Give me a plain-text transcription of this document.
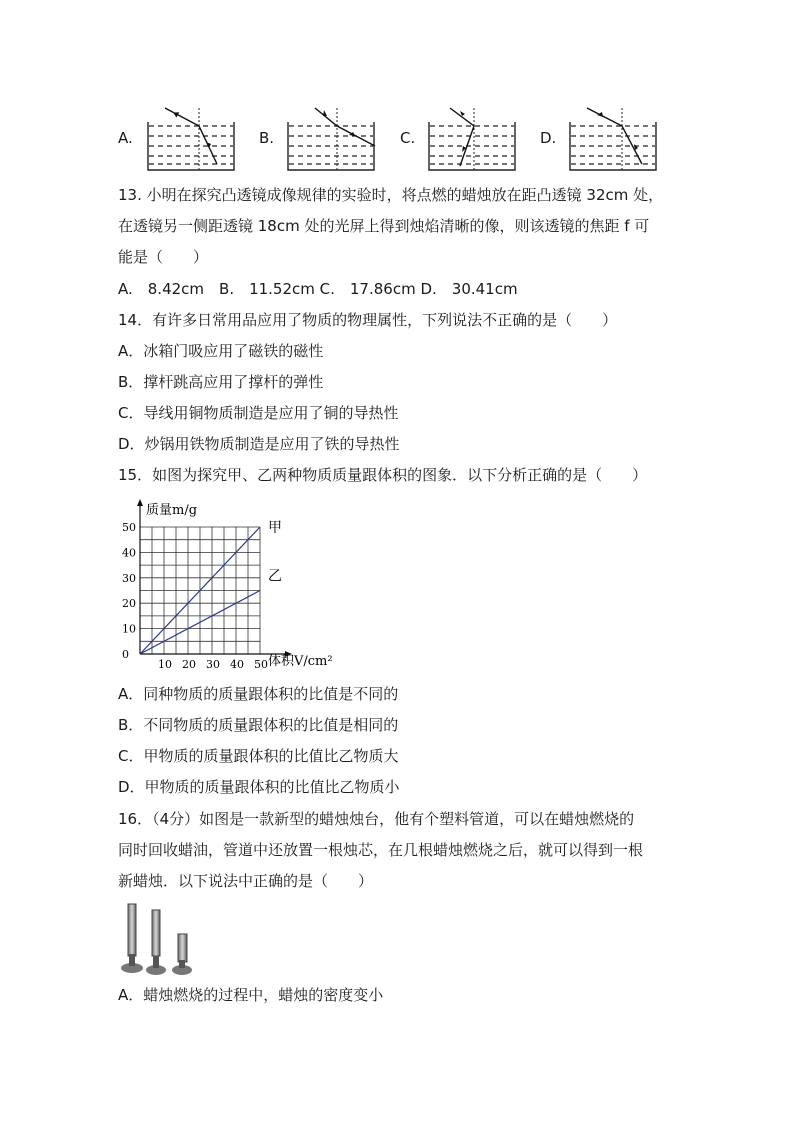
A.	B.	C.	D.
13. 小明在探究凸透镜成像规律的实验时，将点燃的蜡烛放在距凸透镜 32cm 处，
在透镜另一侧距透镜 18cm 处的光屏上得到烛焰清晰的像，则该透镜的焦距 f 可
能是（　　）
A.　8.42cm　B.　11.52cm C.　17.86cm D.　30.41cm
14．有许多日常用品应用了物质的物理属性，下列说法不正确的是（　　）
A．冰箱门吸应用了磁铁的磁性
B．撑杆跳高应用了撑杆的弹性
C．导线用铜物质制造是应用了铜的导热性
D．炒锅用铁物质制造是应用了铁的导热性
15．如图为探究甲、乙两种物质质量跟体积的图象．以下分析正确的是（　　）
甲
乙
0
10
20
30
40
50
10 20 30 40 50
质量m/g
体积V/cm²
A．同种物质的质量跟体积的比值是不同的
B．不同物质的质量跟体积的比值是相同的
C．甲物质的质量跟体积的比值比乙物质大
D．甲物质的质量跟体积的比值比乙物质小
16．（4分）如图是一款新型的蜡烛烛台，他有个塑料管道，可以在蜡烛燃烧的
同时回收蜡油，管道中还放置一根烛芯，在几根蜡烛燃烧之后，就可以得到一根
新蜡烛．以下说法中正确的是（　　）
A．蜡烛燃烧的过程中，蜡烛的密度变小
